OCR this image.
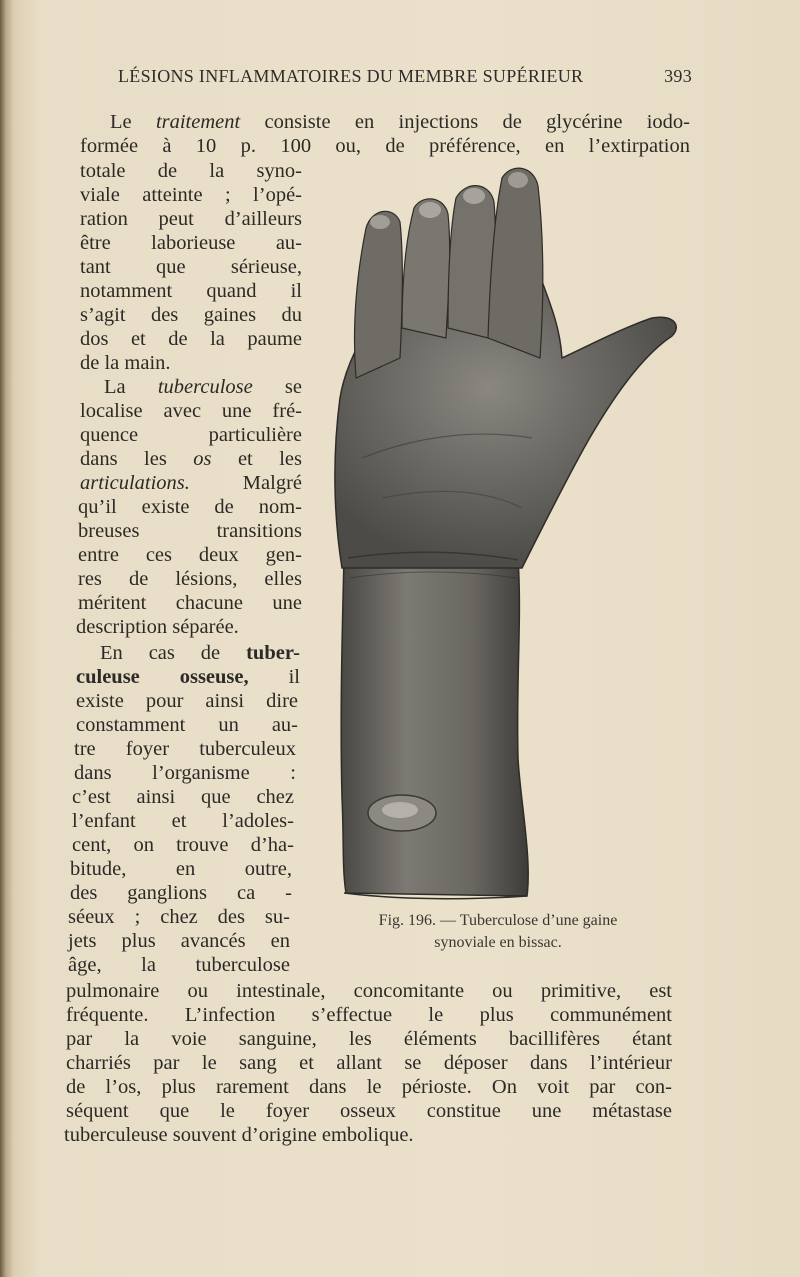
LÉSIONS INFLAMMATOIRES DU MEMBRE SUPÉRIEUR	393
Le traitement consiste en injections de glycérine iodo-
formée à 10 p. 100 ou, de préférence, en l’extirpation
totale de la syno-
viale atteinte ; l’opé-
ration peut d’ailleurs
être laborieuse au-
tant que sérieuse,
notamment quand il
s’agit des gaines du
dos et de la paume
de la main.
La tuberculose se
localise avec une fré-
quence particulière
dans les os et les
articulations. Malgré
qu’il existe de nom-
breuses transitions
entre ces deux gen-
res de lésions, elles
méritent chacune une
description séparée.
En cas de tuber-
culeuse osseuse, il
existe pour ainsi dire
constamment un au-
tre foyer tuberculeux
dans l’organisme :
c’est ainsi que chez
l’enfant et l’adoles-
cent, on trouve d’ha-
bitude, en outre,
des ganglions ca -
séeux ; chez des su-
jets plus avancés en
âge, la tuberculose
pulmonaire ou intestinale, concomitante ou primitive, est
fréquente. L’infection s’effectue le plus communément
par la voie sanguine, les éléments bacillifères étant
charriés par le sang et allant se déposer dans l’intérieur
de l’os, plus rarement dans le périoste. On voit par con-
séquent que le foyer osseux constitue une métastase
tuberculeuse souvent d’origine embolique.
Fig. 196. — Tuberculose d’une gaine
synoviale en bissac.
